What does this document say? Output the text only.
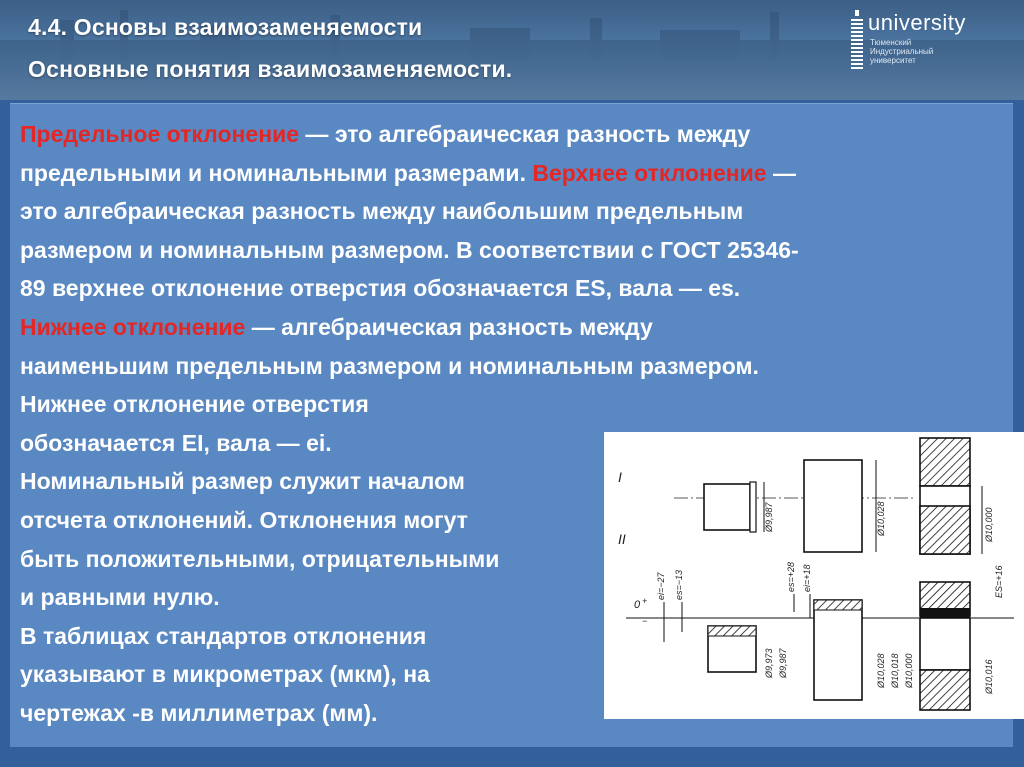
4.4. Основы взаимозаменяемости
Основные понятия взаимозаменяемости.
university
Тюменский
Индустриальный
университет

Предельное отклонение — это алгебраическая разность между

предельными и номинальными размерами. Верхнее отклонение —

это алгебраическая разность между наибольшим предельным

размером и номинальным размером. В соответствии с ГОСТ 25346-

89 верхнее отклонение отверстия обозначается ES, вала — es.

Нижнее отклонение — алгебраическая разность между

наименьшим предельным размером и номинальным размером.

Нижнее отклонение отверстия

обозначается EI, вала — ei.

Номинальный размер служит началом

отсчета отклонений. Отклонения могут

быть положительными, отрицательными

и равными нулю.

В таблицах стандартов отклонения

указывают в микрометрах (мкм), на

чертежах -в миллиметрах (мм).

I
Ø9,987	Ø10,028	Ø10,000
II
ei=−27 es=−13	es=+28 ei=+18	ES=+16
0 +
−
Ø9,973 Ø9,987	Ø10,028 Ø10,018 Ø10,000	Ø10,016
